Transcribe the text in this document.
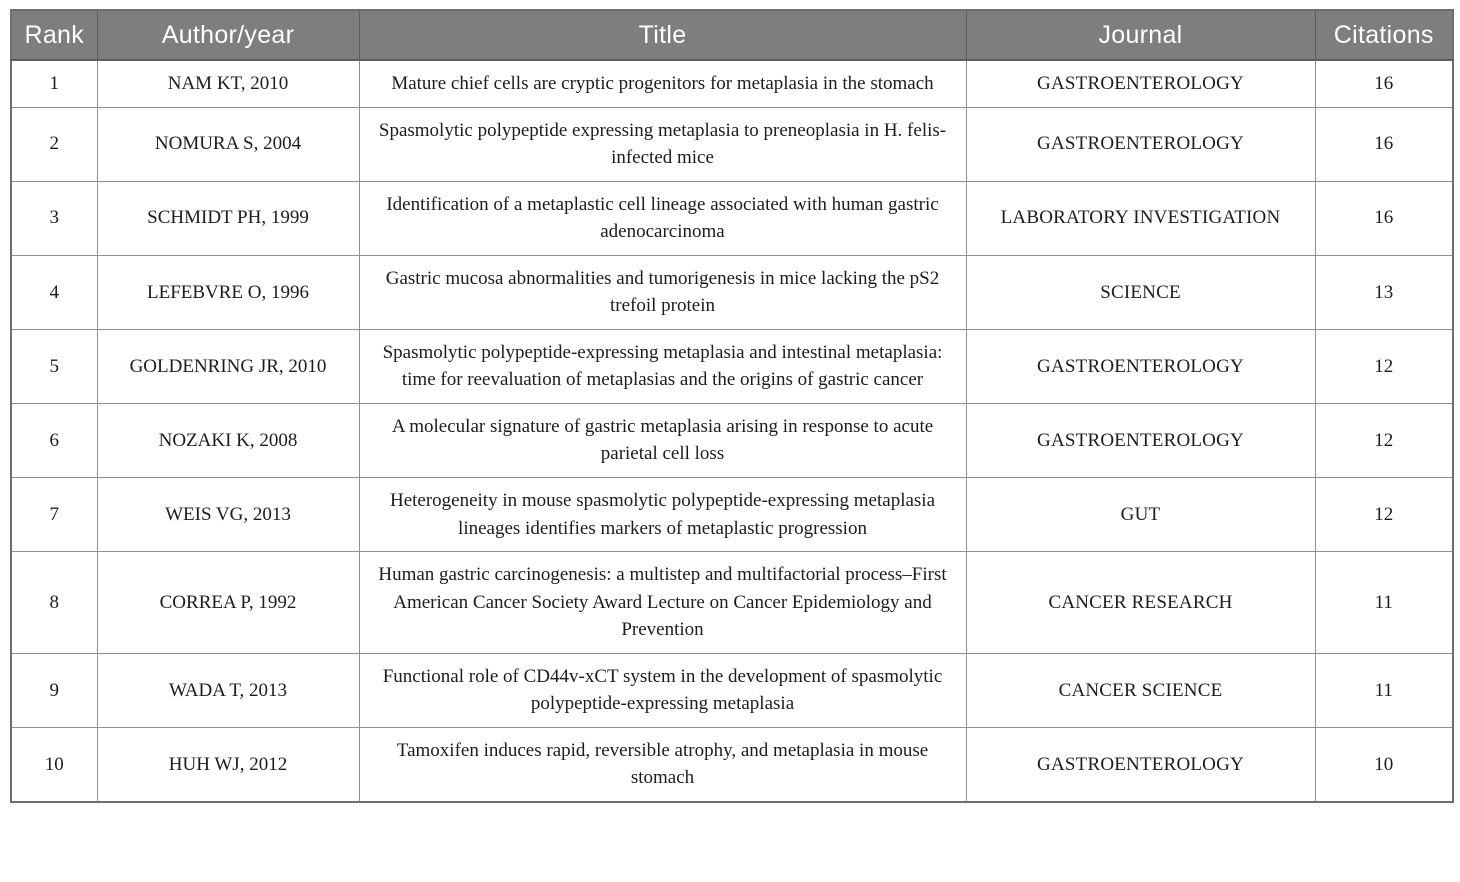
Rank	Author/year	Title	Journal	Citations
1	NAM KT, 2010	Mature chief cells are cryptic progenitors for metaplasia in the stomach	GASTROENTEROLOGY	16
2	NOMURA S, 2004	Spasmolytic polypeptide expressing metaplasia to preneoplasia in H. felis-infected mice	GASTROENTEROLOGY	16
3	SCHMIDT PH, 1999	Identification of a metaplastic cell lineage associated with human gastric adenocarcinoma	LABORATORY INVESTIGATION	16
4	LEFEBVRE O, 1996	Gastric mucosa abnormalities and tumorigenesis in mice lacking the pS2 trefoil protein	SCIENCE	13
5	GOLDENRING JR, 2010	Spasmolytic polypeptide-expressing metaplasia and intestinal metaplasia: time for reevaluation of metaplasias and the origins of gastric cancer	GASTROENTEROLOGY	12
6	NOZAKI K, 2008	A molecular signature of gastric metaplasia arising in response to acute parietal cell loss	GASTROENTEROLOGY	12
7	WEIS VG, 2013	Heterogeneity in mouse spasmolytic polypeptide-expressing metaplasia lineages identifies markers of metaplastic progression	GUT	12
8	CORREA P, 1992	Human gastric carcinogenesis: a multistep and multifactorial process–First American Cancer Society Award Lecture on Cancer Epidemiology and Prevention	CANCER RESEARCH	11
9	WADA T, 2013	Functional role of CD44v-xCT system in the development of spasmolytic polypeptide-expressing metaplasia	CANCER SCIENCE	11
10	HUH WJ, 2012	Tamoxifen induces rapid, reversible atrophy, and metaplasia in mouse stomach	GASTROENTEROLOGY	10
